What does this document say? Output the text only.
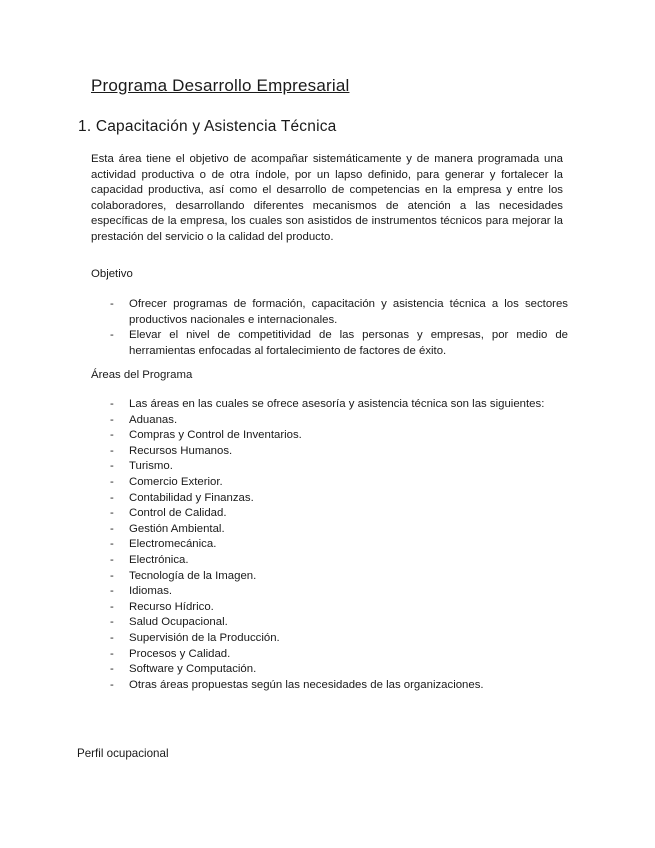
Programa Desarrollo Empresarial
1. Capacitación y Asistencia Técnica

Esta área tiene el objetivo de acompañar sistemáticamente y de manera programada una actividad productiva o de otra índole, por un lapso definido, para generar y fortalecer la capacidad productiva, así como el desarrollo de competencias en la empresa y entre los colaboradores, desarrollando diferentes mecanismos de atención a las necesidades específicas de la empresa, los cuales son asistidos de instrumentos técnicos para mejorar la prestación del servicio o la calidad del producto.

Objetivo

- Ofrecer programas de formación, capacitación y asistencia técnica a los sectores productivos nacionales e internacionales.
- Elevar el nivel de competitividad de las personas y empresas, por medio de herramientas enfocadas al fortalecimiento de factores de éxito.

Áreas del Programa

- Las áreas en las cuales se ofrece asesoría y asistencia técnica son las siguientes:
- Aduanas.
- Compras y Control de Inventarios.
- Recursos Humanos.
- Turismo.
- Comercio Exterior.
- Contabilidad y Finanzas.
- Control de Calidad.
- Gestión Ambiental.
- Electromecánica.
- Electrónica.
- Tecnología de la Imagen.
- Idiomas.
- Recurso Hídrico.
- Salud Ocupacional.
- Supervisión de la Producción.
- Procesos y Calidad.
- Software y Computación.
- Otras áreas propuestas según las necesidades de las organizaciones.

Perfil ocupacional
